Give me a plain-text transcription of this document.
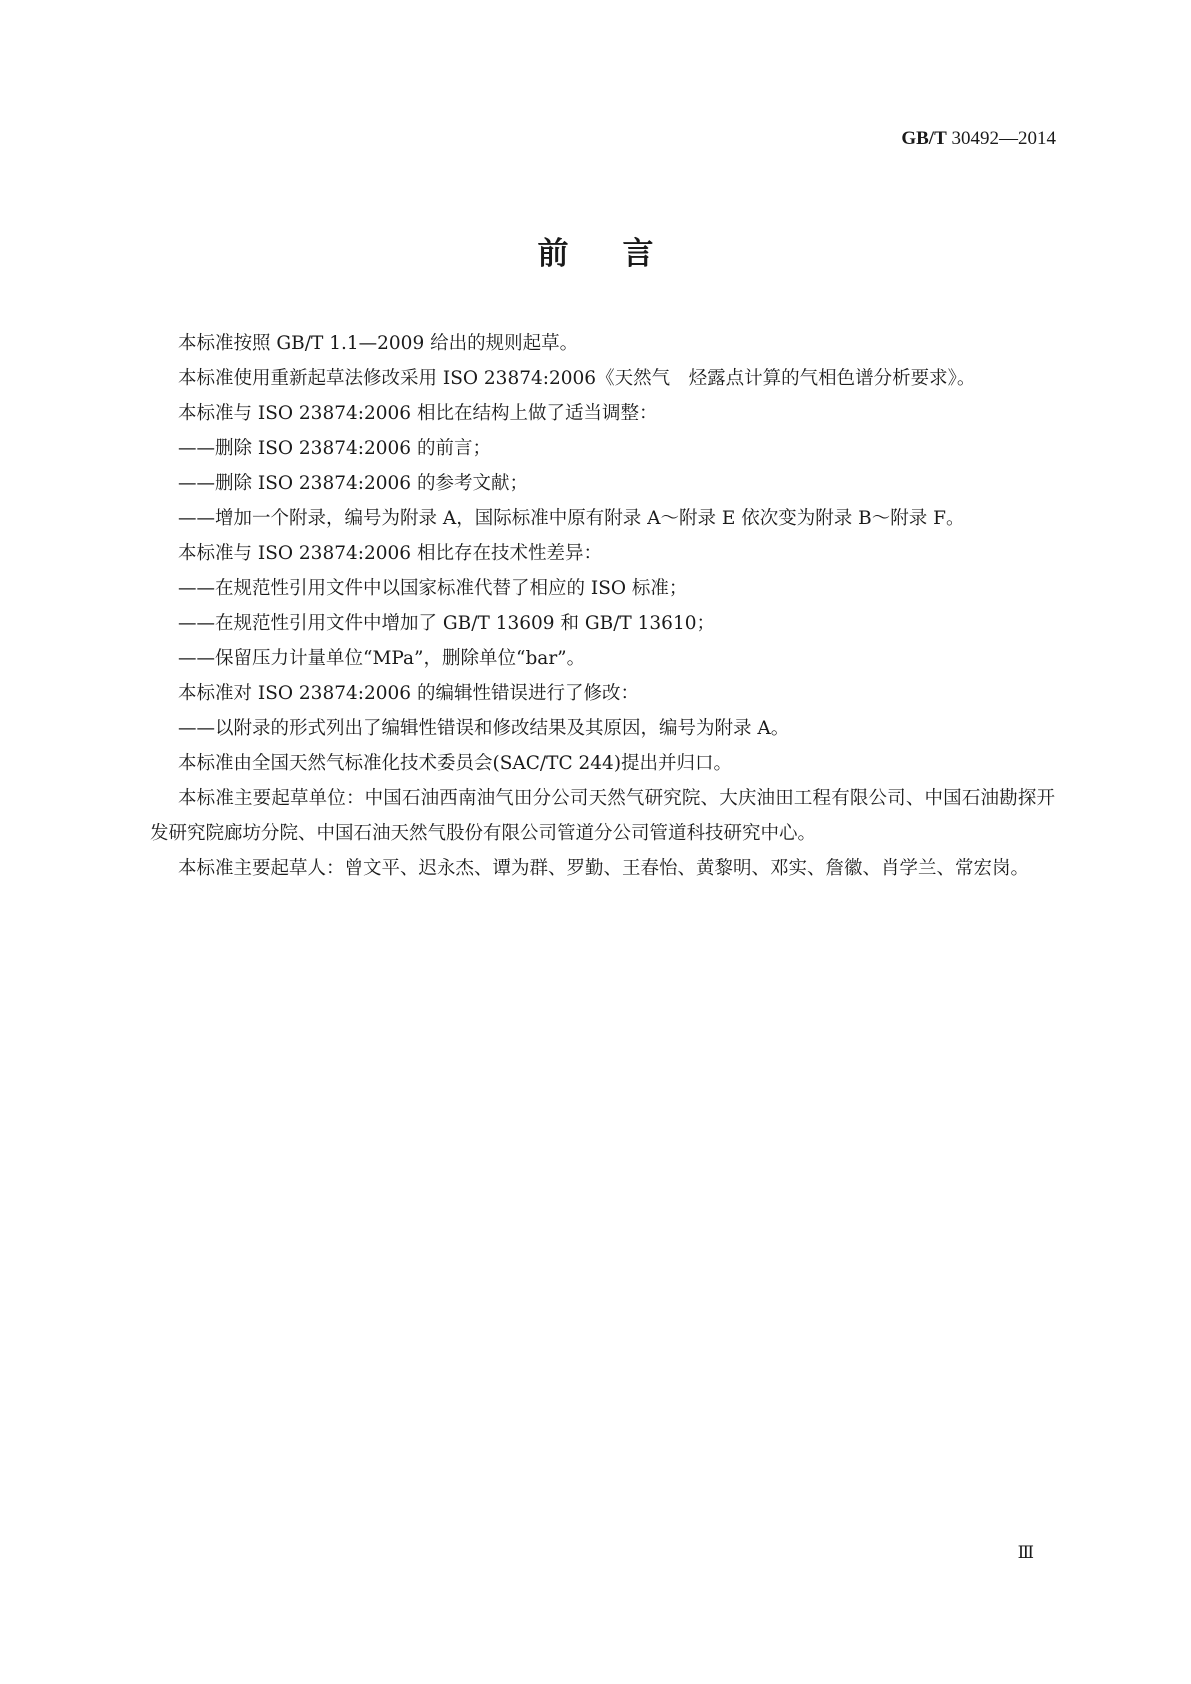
GB/T 30492—2014
前言

本标准按照 GB/T 1.1—2009 给出的规则起草。

本标准使用重新起草法修改采用 ISO 23874:2006《天然气　烃露点计算的气相色谱分析要求》。

本标准与 ISO 23874:2006 相比在结构上做了适当调整：

——删除 ISO 23874:2006 的前言；

——删除 ISO 23874:2006 的参考文献；

——增加一个附录，编号为附录 A，国际标准中原有附录 A～附录 E 依次变为附录 B～附录 F。

本标准与 ISO 23874:2006 相比存在技术性差异：

——在规范性引用文件中以国家标准代替了相应的 ISO 标准；

——在规范性引用文件中增加了 GB/T 13609 和 GB/T 13610；

——保留压力计量单位“MPa”，删除单位“bar”。

本标准对 ISO 23874:2006 的编辑性错误进行了修改：

——以附录的形式列出了编辑性错误和修改结果及其原因，编号为附录 A。

本标准由全国天然气标准化技术委员会(SAC/TC 244)提出并归口。

本标准主要起草单位：中国石油西南油气田分公司天然气研究院、大庆油田工程有限公司、中国石油勘探开发研究院廊坊分院、中国石油天然气股份有限公司管道分公司管道科技研究中心。

本标准主要起草人：曾文平、迟永杰、谭为群、罗勤、王春怡、黄黎明、邓实、詹徽、肖学兰、常宏岗。

Ⅲ
